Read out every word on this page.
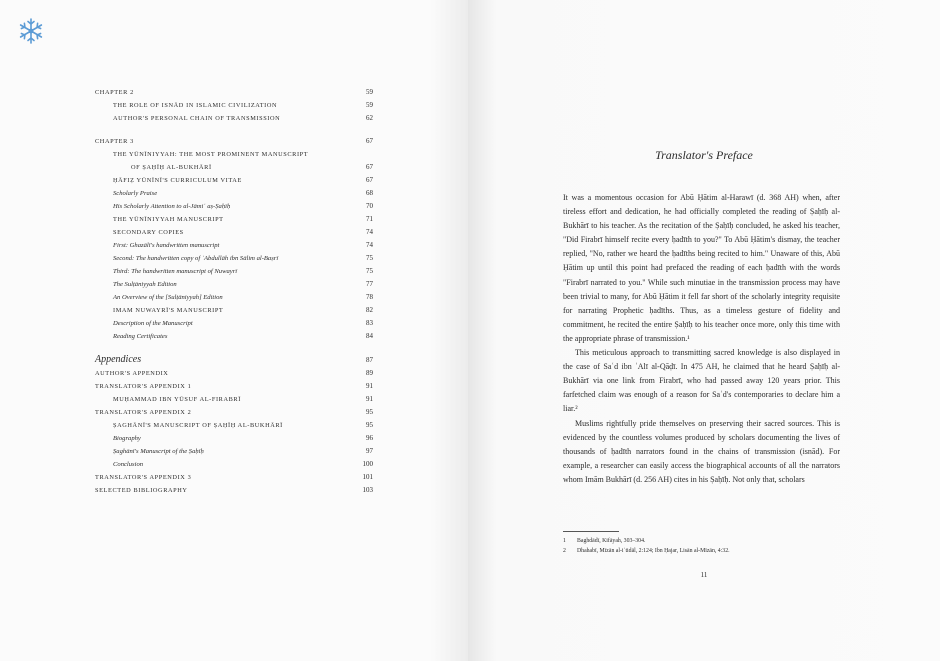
CHAPTER 2	59
THE ROLE OF ISNĀD IN ISLAMIC CIVILIZATION	59
AUTHOR'S PERSONAL CHAIN OF TRANSMISSION	62
CHAPTER 3	67
THE YŪNĪNIYYAH: THE MOST PROMINENT MANUSCRIPT
OF ṢAḤĪḤ AL-BUKHĀRĪ	67
ḤĀFIẒ YŪNĪNĪ'S CURRICULUM VITAE	67
Scholarly Praise	68
His Scholarly Attention to al-Jāmiʿ aṣ-Ṣaḥīḥ	70
THE YŪNĪNIYYAH MANUSCRIPT	71
SECONDARY COPIES	74
First: Ghazālī's handwritten manuscript	74
Second: The handwritten copy of ʿAbdullāh ibn Sālim al-Baṣrī	75
Third: The handwritten manuscript of Nuwayrī	75
The Sulṭāniyyah Edition	77
An Overview of the [Sulṭāniyyah] Edition	78
IMAM NUWAYRĪ'S MANUSCRIPT	82
Description of the Manuscript	83
Reading Certificates	84
Appendices	87
AUTHOR'S APPENDIX	89
TRANSLATOR'S APPENDIX 1	91
MUḤAMMAD IBN YŪSUF AL-FIRABRĪ	91
TRANSLATOR'S APPENDIX 2	95
ṢAGHĀNĪ'S MANUSCRIPT OF ṢAḤĪḤ AL-BUKHĀRĪ	95
Biography	96
Ṣaghānī's Manuscript of the Ṣaḥīḥ	97
Conclusion	100
TRANSLATOR'S APPENDIX 3	101
SELECTED BIBLIOGRAPHY	103
Translator's Preface

It was a momentous occasion for Abū Ḥātim al-Harawī (d. 368 AH) when, after tireless effort and dedication, he had officially completed the reading of Ṣaḥīḥ al-Bukhārī to his teacher. As the recitation of the Ṣaḥīḥ concluded, he asked his teacher, "Did Firabrī himself recite every ḥadīth to you?" To Abū Ḥātim's dismay, the teacher replied, "No, rather we heard the ḥadīths being recited to him." Unaware of this, Abū Ḥātim up until this point had prefaced the reading of each ḥadīth with the words "Firabrī narrated to you." While such minutiae in the transmission process may have been trivial to many, for Abū Ḥātim it fell far short of the scholarly integrity requisite for narrating Prophetic ḥadīths. Thus, as a timeless gesture of fidelity and commitment, he recited the entire Ṣaḥīḥ to his teacher once more, only this time with the appropriate phrase of transmission.¹

This meticulous approach to transmitting sacred knowledge is also displayed in the case of Saʿd ibn ʿAlī al-Qāḍī. In 475 AH, he claimed that he heard Ṣaḥīḥ al-Bukhārī via one link from Firabrī, who had passed away 120 years prior. This farfetched claim was enough of a reason for Saʿd's contemporaries to declare him a liar.²

Muslims rightfully pride themselves on preserving their sacred sources. This is evidenced by the countless volumes produced by scholars documenting the lives of thousands of ḥadīth narrators found in the chains of transmission (isnād). For example, a researcher can easily access the biographical accounts of all the narrators whom Imām Bukhārī (d. 256 AH) cites in his Ṣaḥīḥ. Not only that, scholars

1	Baghdādī, Kifāyah, 303–304.
2	Dhahabī, Mīzān al-iʿtidāl, 2:124; Ibn Ḥajar, Lisān al-Mīzān, 4:32.
11
